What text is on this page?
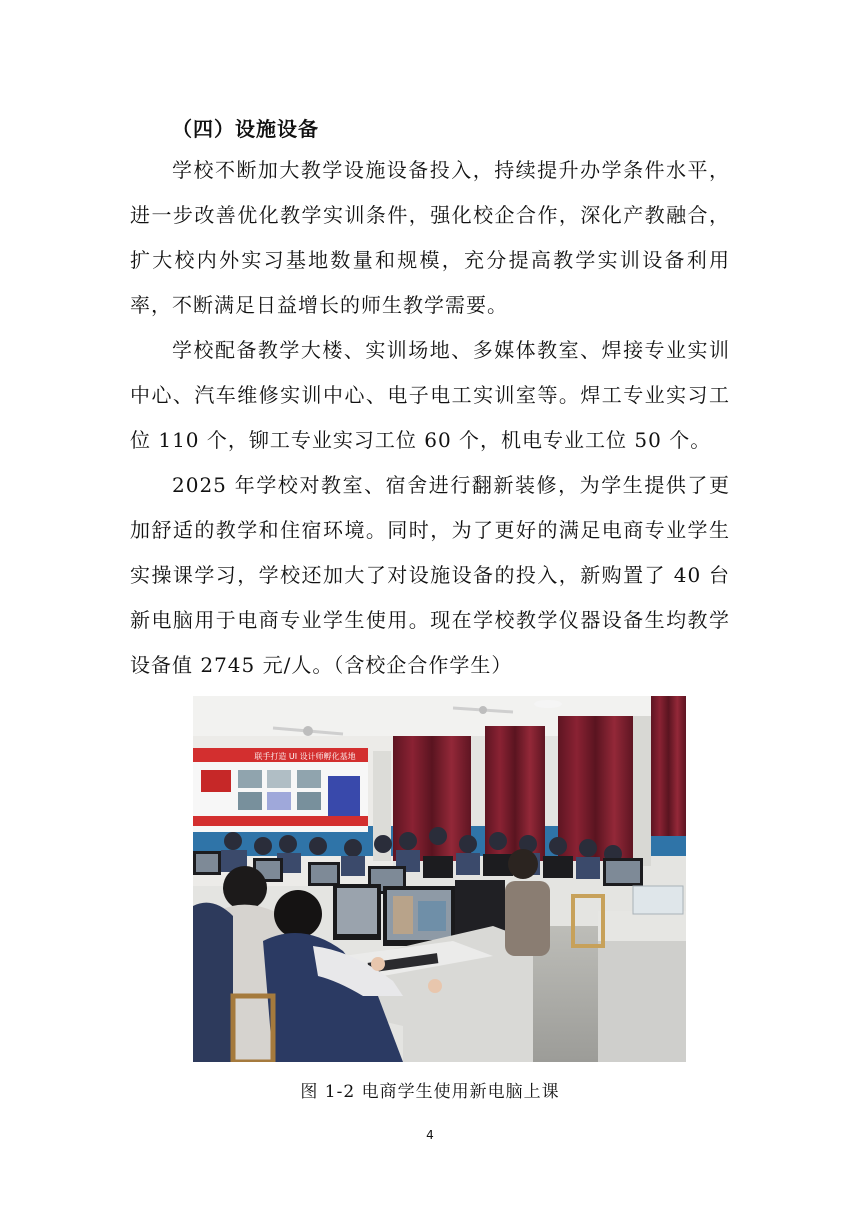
（四）设施设备

学校不断加大教学设施设备投入，持续提升办学条件水平，进一步改善优化教学实训条件，强化校企合作，深化产教融合，扩大校内外实习基地数量和规模，充分提高教学实训设备利用率，不断满足日益增长的师生教学需要。

学校配备教学大楼、实训场地、多媒体教室、焊接专业实训中心、汽车维修实训中心、电子电工实训室等。焊工专业实习工位 110 个，铆工专业实习工位 60 个，机电专业工位 50 个。

2025 年学校对教室、宿舍进行翻新装修，为学生提供了更加舒适的教学和住宿环境。同时，为了更好的满足电商专业学生实操课学习，学校还加大了对设施设备的投入，新购置了 40 台新电脑用于电商专业学生使用。现在学校教学仪器设备生均教学设备值 2745 元/人。（含校企合作学生）

联手打造 UI 设计师孵化基地
图 1-2 电商学生使用新电脑上课
4
